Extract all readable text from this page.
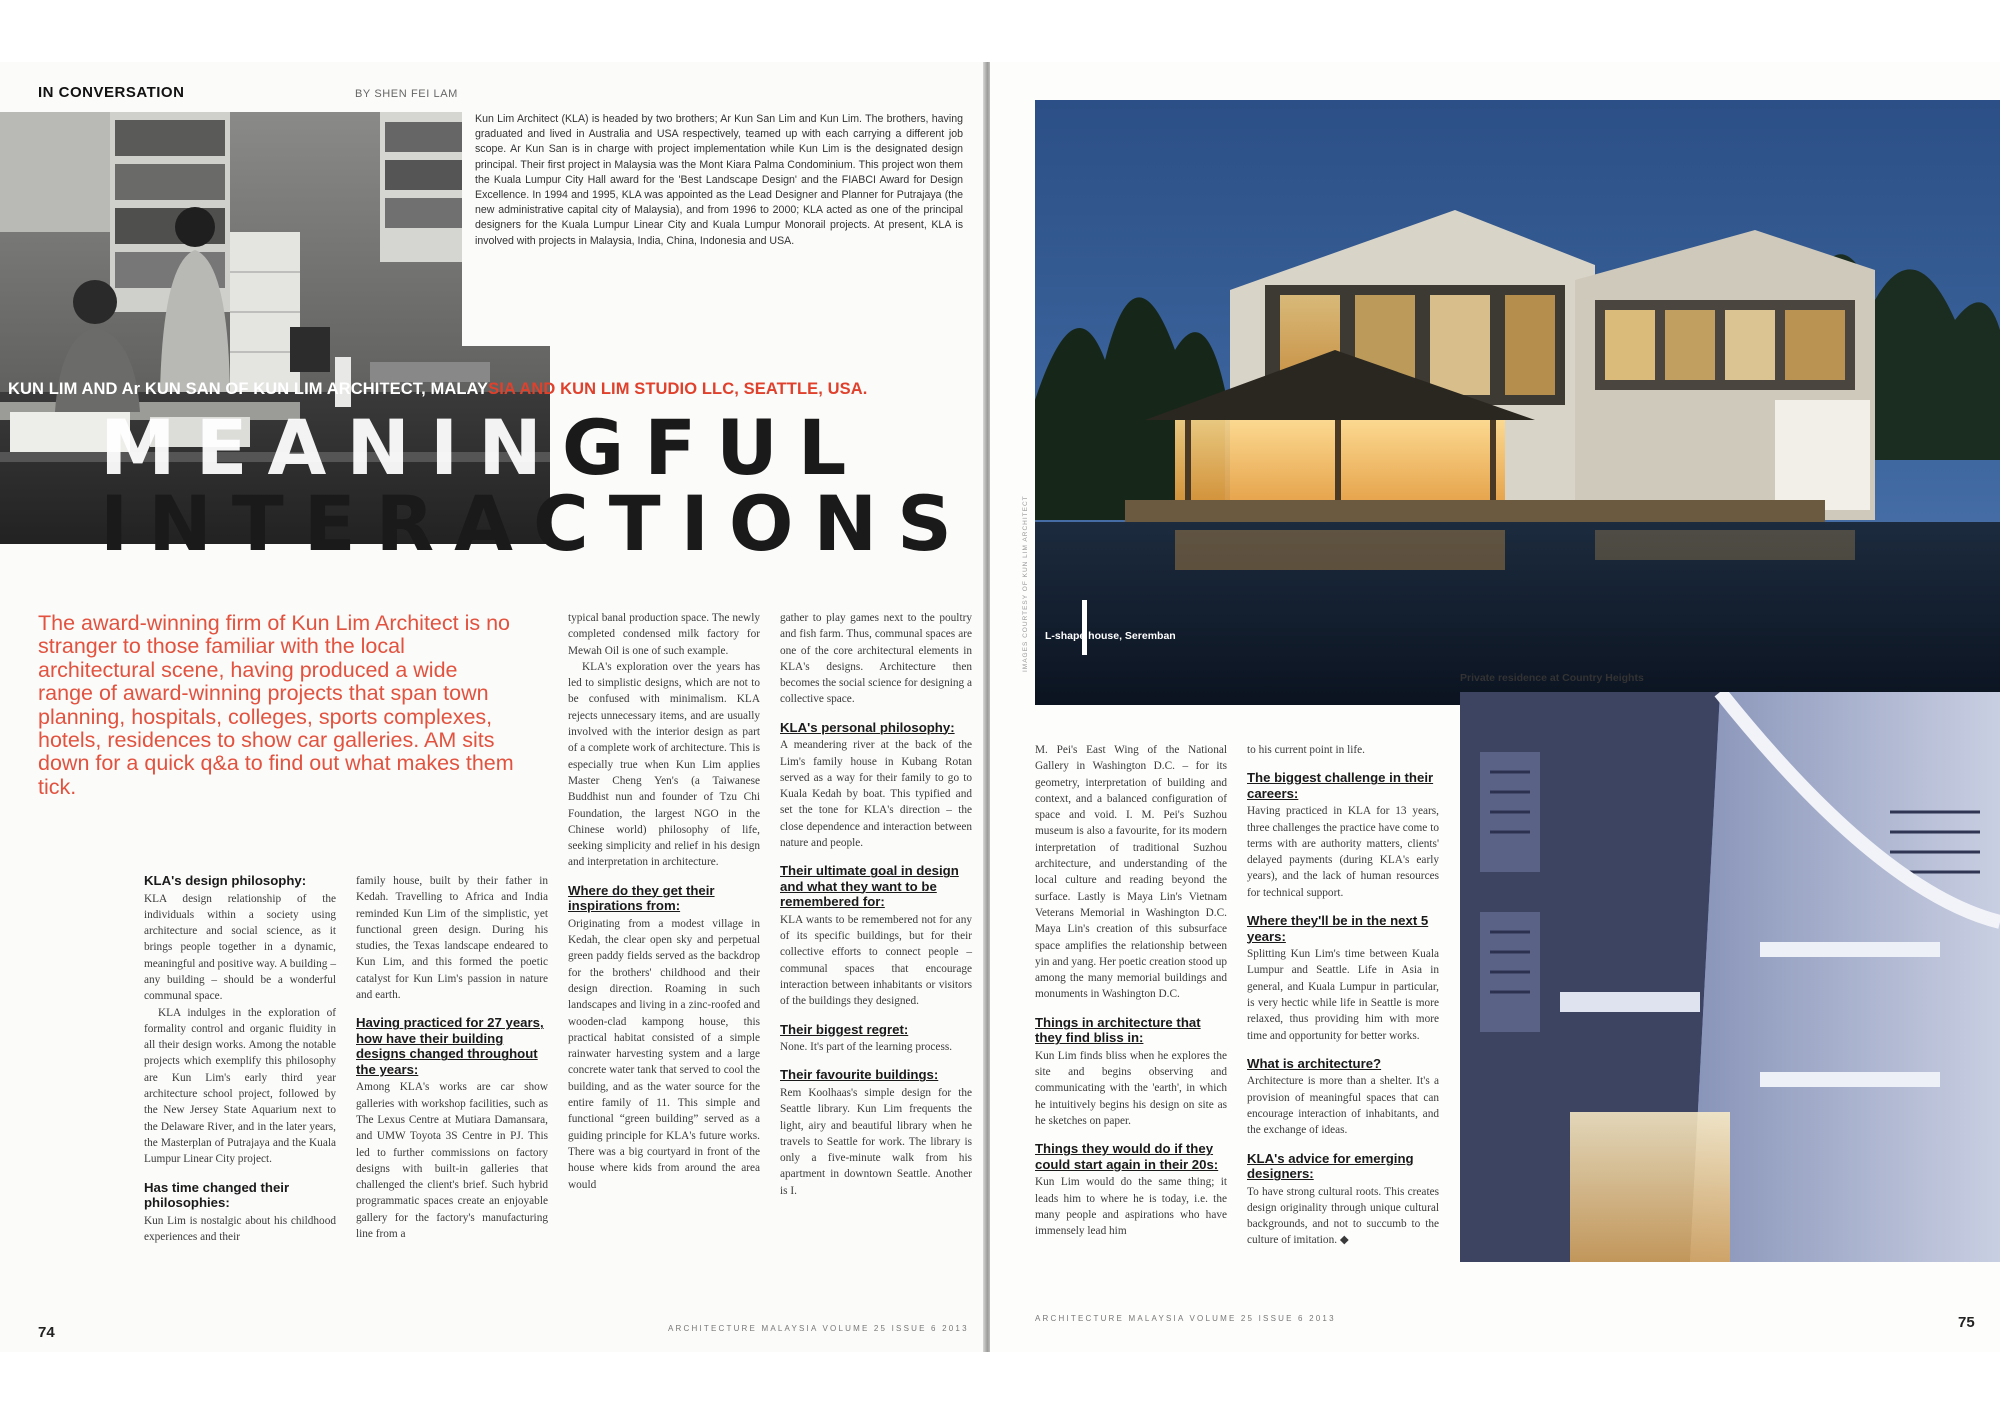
IN CONVERSATION	BY SHEN FEI LAM
Kun Lim Architect (KLA) is headed by two brothers; Ar Kun San Lim and Kun Lim. The brothers, having graduated and lived in Australia and USA respectively, teamed up with each carrying a different job scope. Ar Kun San is in charge with project implementation while Kun Lim is the designated design principal. Their first project in Malaysia was the Mont Kiara Palma Condominium. This project won them the Kuala Lumpur City Hall award for the 'Best Landscape Design' and the FIABCI Award for Design Excellence. In 1994 and 1995, KLA was appointed as the Lead Designer and Planner for Putrajaya (the new administrative capital city of Malaysia), and from 1996 to 2000; KLA acted as one of the principal designers for the Kuala Lumpur Linear City and Kuala Lumpur Monorail projects. At present, KLA is involved with projects in Malaysia, India, China, Indonesia and USA.
KUN LIM AND Ar KUN SAN OF KUN LIM ARCHITECT, MALAYSIA AND KUN LIM STUDIO LLC, SEATTLE, USA.
MEANINGFUL
INTERACTIONS
The award-winning firm of Kun Lim Architect is no stranger to those familiar with the local architectural scene, having produced a wide range of award-winning projects that span town planning, hospitals, colleges, sports complexes, hotels, residences to show car galleries. AM sits down for a quick q&a to find out what makes them tick.
KLA's design philosophy:

KLA design relationship of the individuals within a society using architecture and social science, as it brings people together in a dynamic, meaningful and positive way. A building – any building – should be a wonderful communal space.

KLA indulges in the exploration of formality control and organic fluidity in all their design works. Among the notable projects which exemplify this philosophy are Kun Lim's early third year architecture school project, followed by the New Jersey State Aquarium next to the Delaware River, and in the later years, the Masterplan of Putrajaya and the Kuala Lumpur Linear City project.

Has time changed their philosophies:

Kun Lim is nostalgic about his childhood experiences and their

family house, built by their father in Kedah. Travelling to Africa and India reminded Kun Lim of the simplistic, yet functional green design. During his studies, the Texas landscape endeared to Kun Lim, and this formed the poetic catalyst for Kun Lim's passion in nature and earth.

Having practiced for 27 years, how have their building designs changed throughout the years:

Among KLA's works are car show galleries with workshop facilities, such as The Lexus Centre at Mutiara Damansara, and UMW Toyota 3S Centre in PJ. This led to further commissions on factory designs with built-in galleries that challenged the client's brief. Such hybrid programmatic spaces create an enjoyable gallery for the factory's manufacturing line from a

typical banal production space. The newly completed condensed milk factory for Mewah Oil is one of such example.

KLA's exploration over the years has led to simplistic designs, which are not to be confused with minimalism. KLA rejects unnecessary items, and are usually involved with the interior design as part of a complete work of architecture. This is especially true when Kun Lim applies Master Cheng Yen's (a Taiwanese Buddhist nun and founder of Tzu Chi Foundation, the largest NGO in the Chinese world) philosophy of life, seeking simplicity and relief in his design and interpretation in architecture.

Where do they get their inspirations from:

Originating from a modest village in Kedah, the clear open sky and perpetual green paddy fields served as the backdrop for the brothers' childhood and their design direction. Roaming in such landscapes and living in a zinc-roofed and wooden-clad kampong house, this practical habitat consisted of a simple rainwater harvesting system and a large concrete water tank that served to cool the building, and as the water source for the entire family of 11. This simple and functional “green building” served as a guiding principle for KLA's future works. There was a big courtyard in front of the house where kids from around the area would

gather to play games next to the poultry and fish farm. Thus, communal spaces are one of the core architectural elements in KLA's designs. Architecture then becomes the social science for designing a collective space.

KLA's personal philosophy:

A meandering river at the back of the Lim's family house in Kubang Rotan served as a way for their family to go to Kuala Kedah by boat. This typified and set the tone for KLA's direction – the close dependence and interaction between nature and people.

Their ultimate goal in design and what they want to be remembered for:

KLA wants to be remembered not for any of its specific buildings, but for their collective efforts to connect people – communal spaces that encourage interaction between inhabitants or visitors of the buildings they designed.

Their biggest regret:

None. It's part of the learning process.

Their favourite buildings:

Rem Koolhaas's simple design for the Seattle library. Kun Lim frequents the light, airy and beautiful library when he travels to Seattle for work. The library is only a five-minute walk from his apartment in downtown Seattle. Another is I.

74	ARCHITECTURE MALAYSIA VOLUME 25 ISSUE 6 2013
L-shape house, Seremban
IMAGES COURTESY OF KUN LIM ARCHITECT
Private residence at Country Heights

M. Pei's East Wing of the National Gallery in Washington D.C. – for its geometry, interpretation of building and context, and a balanced configuration of space and void. I. M. Pei's Suzhou museum is also a favourite, for its modern interpretation of traditional Suzhou architecture, and understanding of the local culture and reading beyond the surface. Lastly is Maya Lin's Vietnam Veterans Memorial in Washington D.C. Maya Lin's creation of this subsurface space amplifies the relationship between yin and yang. Her poetic creation stood up among the many memorial buildings and monuments in Washington D.C.

Things in architecture that they find bliss in:

Kun Lim finds bliss when he explores the site and begins observing and communicating with the 'earth', in which he intuitively begins his design on site as he sketches on paper.

Things they would do if they could start again in their 20s:

Kun Lim would do the same thing; it leads him to where he is today, i.e. the many people and aspirations who have immensely lead him

to his current point in life.

The biggest challenge in their careers:

Having practiced in KLA for 13 years, three challenges the practice have come to terms with are authority matters, clients' delayed payments (during KLA's early years), and the lack of human resources for technical support.

Where they'll be in the next 5 years:

Splitting Kun Lim's time between Kuala Lumpur and Seattle. Life in Asia in general, and Kuala Lumpur in particular, is very hectic while life in Seattle is more relaxed, thus providing him with more time and opportunity for better works.

What is architecture?

Architecture is more than a shelter. It's a provision of meaningful spaces that can encourage interaction of inhabitants, and the exchange of ideas.

KLA's advice for emerging designers:

To have strong cultural roots. This creates design originality through unique cultural backgrounds, and not to succumb to the culture of imitation. ◆

ARCHITECTURE MALAYSIA VOLUME 25 ISSUE 6 2013	75
